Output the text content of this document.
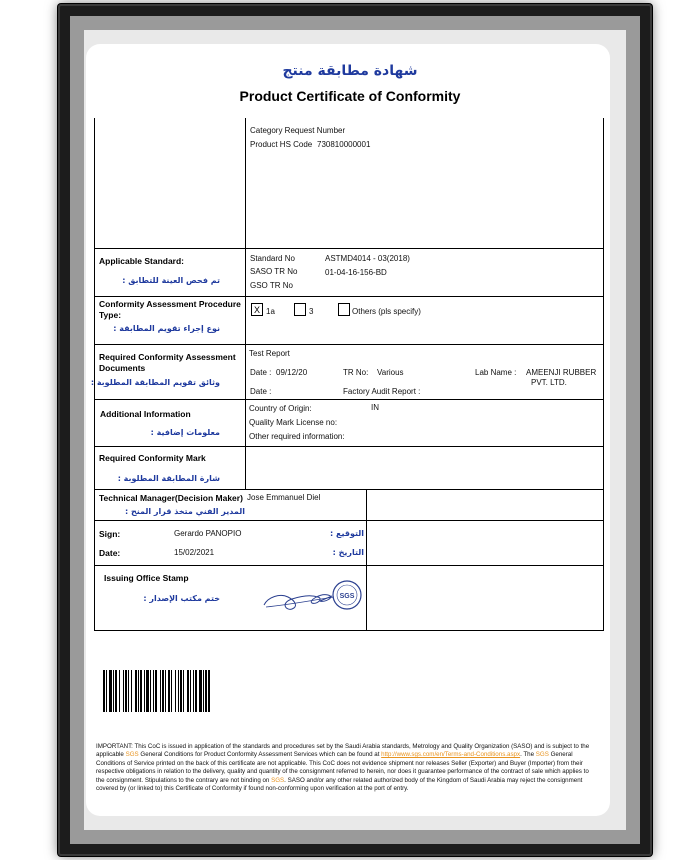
شهادة مطابقة منتج
Product Certificate of Conformity
Category Request Number
Product HS Code 730810000001
Applicable Standard:
تم فحص العينة للتطابق :
Standard No	ASTMD4014 - 03(2018)
SASO TR No	01-04-16-156-BD
GSO TR No
Conformity Assessment Procedure Type:
نوع إجراء تقويم المطابقة :
X 1a	3	Others (pls specify)
Required Conformity Assessment Documents
وثائق تقويم المطابقة المطلوبة :
Test Report
Date : 09/12/20	TR No: Various	Lab Name : AMEENJI RUBBER
PVT. LTD.
Date :	Factory Audit Report :
Additional Information
معلومات إضافية :
Country of Origin:	IN
Quality Mark License no:
Other required information:
Required Conformity Mark
شارة المطابقة المطلوبة :
Technical Manager(Decision Maker)
المدير الفني متخذ قرار المنح :
Jose Emmanuel Diel
Sign:	Gerardo PANOPIO	التوقيع :
Date:	15/02/2021	التاريخ :
Issuing Office Stamp
ختم مكتب الإصدار :	SGS
IMPORTANT: This CoC is issued in application of the standards and procedures set by the Saudi Arabia standards, Metrology and Quality Organization (SASO) and is subject to the applicable SGS General Conditions for Product Conformity Assessment Services which can be found at http://www.sgs.com/en/Terms-and-Conditions.aspx. The SGS General Conditions of Service printed on the back of this certificate are not applicable. This CoC does not evidence shipment nor releases Seller (Exporter) and Buyer (Importer) from their respective obligations in relation to the delivery, quality and quantity of the consignment referred to herein, nor does it guarantee performance of the contract of sale which applies to the consignment. Stipulations to the contrary are not binding on SGS. SASO and/or any other related authorized body of the Kingdom of Saudi Arabia may reject the consignment covered by (or linked to) this Certificate of Conformity if found non-conforming upon verification at the port of entry.
